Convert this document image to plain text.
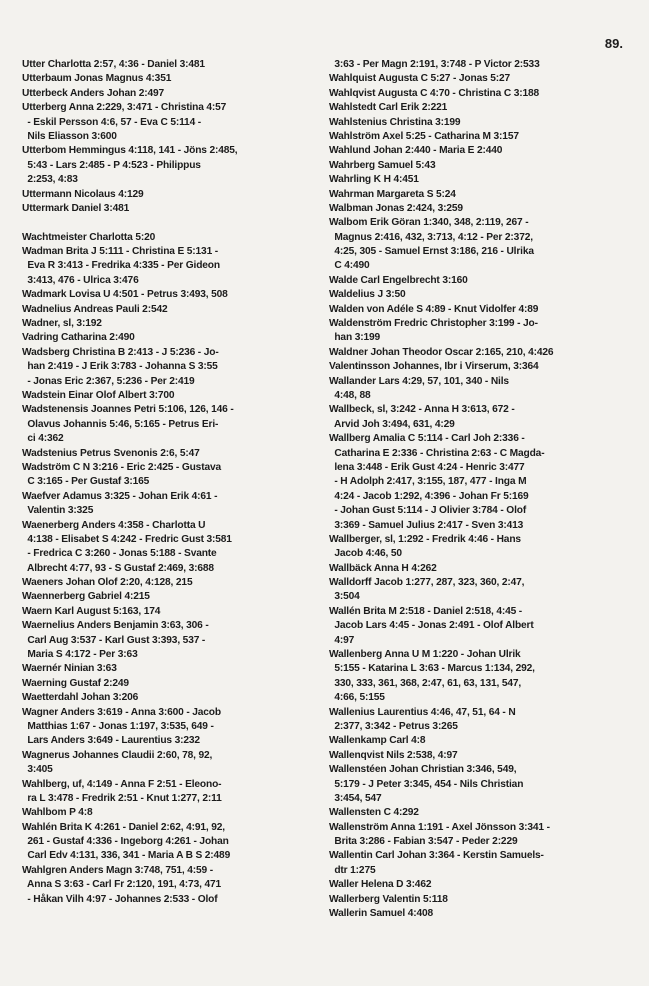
89.
Utter Charlotta 2:57, 4:36 - Daniel 3:481
Utterbaum Jonas Magnus 4:351
Utterbeck Anders Johan 2:497
Utterberg Anna 2:229, 3:471 - Christina 4:57
- Eskil Persson 4:6, 57 - Eva C 5:114 -
Nils Eliasson 3:600
Utterbom Hemmingus 4:118, 141 - Jöns 2:485,
5:43 - Lars 2:485 - P 4:523 - Philippus
2:253, 4:83
Uttermann Nicolaus 4:129
Uttermark Daniel 3:481
Wachtmeister Charlotta 5:20
Wadman Brita J 5:111 - Christina E 5:131 -
Eva R 3:413 - Fredrika 4:335 - Per Gideon
3:413, 476 - Ulrica 3:476
Wadmark Lovisa U 4:501 - Petrus 3:493, 508
Wadnelius Andreas Pauli 2:542
Wadner, sl, 3:192
Vadring Catharina 2:490
Wadsberg Christina B 2:413 - J 5:236 - Jo-
han 2:419 - J Erik 3:783 - Johanna S 3:55
- Jonas Eric 2:367, 5:236 - Per 2:419
Wadstein Einar Olof Albert 3:700
Wadstenensis Joannes Petri 5:106, 126, 146 -
Olavus Johannis 5:46, 5:165 - Petrus Eri-
ci 4:362
Wadstenius Petrus Svenonis 2:6, 5:47
Wadström C N 3:216 - Eric 2:425 - Gustava
C 3:165 - Per Gustaf 3:165
Waefver Adamus 3:325 - Johan Erik 4:61 -
Valentin 3:325
Waenerberg Anders 4:358 - Charlotta U
4:138 - Elisabet S 4:242 - Fredric Gust 3:581
- Fredrica C 3:260 - Jonas 5:188 - Svante
Albrecht 4:77, 93 - S Gustaf 2:469, 3:688
Waeners Johan Olof 2:20, 4:128, 215
Waennerberg Gabriel 4:215
Waern Karl August 5:163, 174
Waernelius Anders Benjamin 3:63, 306 -
Carl Aug 3:537 - Karl Gust 3:393, 537 -
Maria S 4:172 - Per 3:63
Waernér Ninian 3:63
Waerning Gustaf 2:249
Waetterdahl Johan 3:206
Wagner Anders 3:619 - Anna 3:600 - Jacob
Matthias 1:67 - Jonas 1:197, 3:535, 649 -
Lars Anders 3:649 - Laurentius 3:232
Wagnerus Johannes Claudii 2:60, 78, 92,
3:405
Wahlberg, uf, 4:149 - Anna F 2:51 - Eleono-
ra L 3:478 - Fredrik 2:51 - Knut 1:277, 2:11
Wahlbom P 4:8
Wahlén Brita K 4:261 - Daniel 2:62, 4:91, 92,
261 - Gustaf 4:336 - Ingeborg 4:261 - Johan
Carl Edv 4:131, 336, 341 - Maria A B S 2:489
Wahlgren Anders Magn 3:748, 751, 4:59 -
Anna S 3:63 - Carl Fr 2:120, 191, 4:73, 471
- Håkan Vilh 4:97 - Johannes 2:533 - Olof
3:63 - Per Magn 2:191, 3:748 - P Victor 2:533
Wahlquist Augusta C 5:27 - Jonas 5:27
Wahlqvist Augusta C 4:70 - Christina C 3:188
Wahlstedt Carl Erik 2:221
Wahlstenius Christina 3:199
Wahlström Axel 5:25 - Catharina M 3:157
Wahlund Johan 2:440 - Maria E 2:440
Wahrberg Samuel 5:43
Wahrling K H 4:451
Wahrman Margareta S 5:24
Walbman Jonas 2:424, 3:259
Walbom Erik Göran 1:340, 348, 2:119, 267 -
Magnus 2:416, 432, 3:713, 4:12 - Per 2:372,
4:25, 305 - Samuel Ernst 3:186, 216 - Ulrika
C 4:490
Walde Carl Engelbrecht 3:160
Waldelius J 3:50
Walden von Adéle S 4:89 - Knut Vidolfer 4:89
Waldenström Fredric Christopher 3:199 - Jo-
han 3:199
Waldner Johan Theodor Oscar 2:165, 210, 4:426
Valentinsson Johannes, Ibr i Virserum, 3:364
Wallander Lars 4:29, 57, 101, 340 - Nils
4:48, 88
Wallbeck, sl, 3:242 - Anna H 3:613, 672 -
Arvid Joh 3:494, 631, 4:29
Wallberg Amalia C 5:114 - Carl Joh 2:336 -
Catharina E 2:336 - Christina 2:63 - C Magda-
lena 3:448 - Erik Gust 4:24 - Henric 3:477
- H Adolph 2:417, 3:155, 187, 477 - Inga M
4:24 - Jacob 1:292, 4:396 - Johan Fr 5:169
- Johan Gust 5:114 - J Olivier 3:784 - Olof
3:369 - Samuel Julius 2:417 - Sven 3:413
Wallberger, sl, 1:292 - Fredrik 4:46 - Hans
Jacob 4:46, 50
Wallbäck Anna H 4:262
Walldorff Jacob 1:277, 287, 323, 360, 2:47,
3:504
Wallén Brita M 2:518 - Daniel 2:518, 4:45 -
Jacob Lars 4:45 - Jonas 2:491 - Olof Albert
4:97
Wallenberg Anna U M 1:220 - Johan Ulrik
5:155 - Katarina L 3:63 - Marcus 1:134, 292,
330, 333, 361, 368, 2:47, 61, 63, 131, 547,
4:66, 5:155
Wallenius Laurentius 4:46, 47, 51, 64 - N
2:377, 3:342 - Petrus 3:265
Wallenkamp Carl 4:8
Wallenqvist Nils 2:538, 4:97
Wallenstéen Johan Christian 3:346, 549,
5:179 - J Peter 3:345, 454 - Nils Christian
3:454, 547
Wallensten C 4:292
Wallenström Anna 1:191 - Axel Jönsson 3:341 -
Brita 3:286 - Fabian 3:547 - Peder 2:229
Wallentin Carl Johan 3:364 - Kerstin Samuels-
dtr 1:275
Waller Helena D 3:462
Wallerberg Valentin 5:118
Wallerin Samuel 4:408
